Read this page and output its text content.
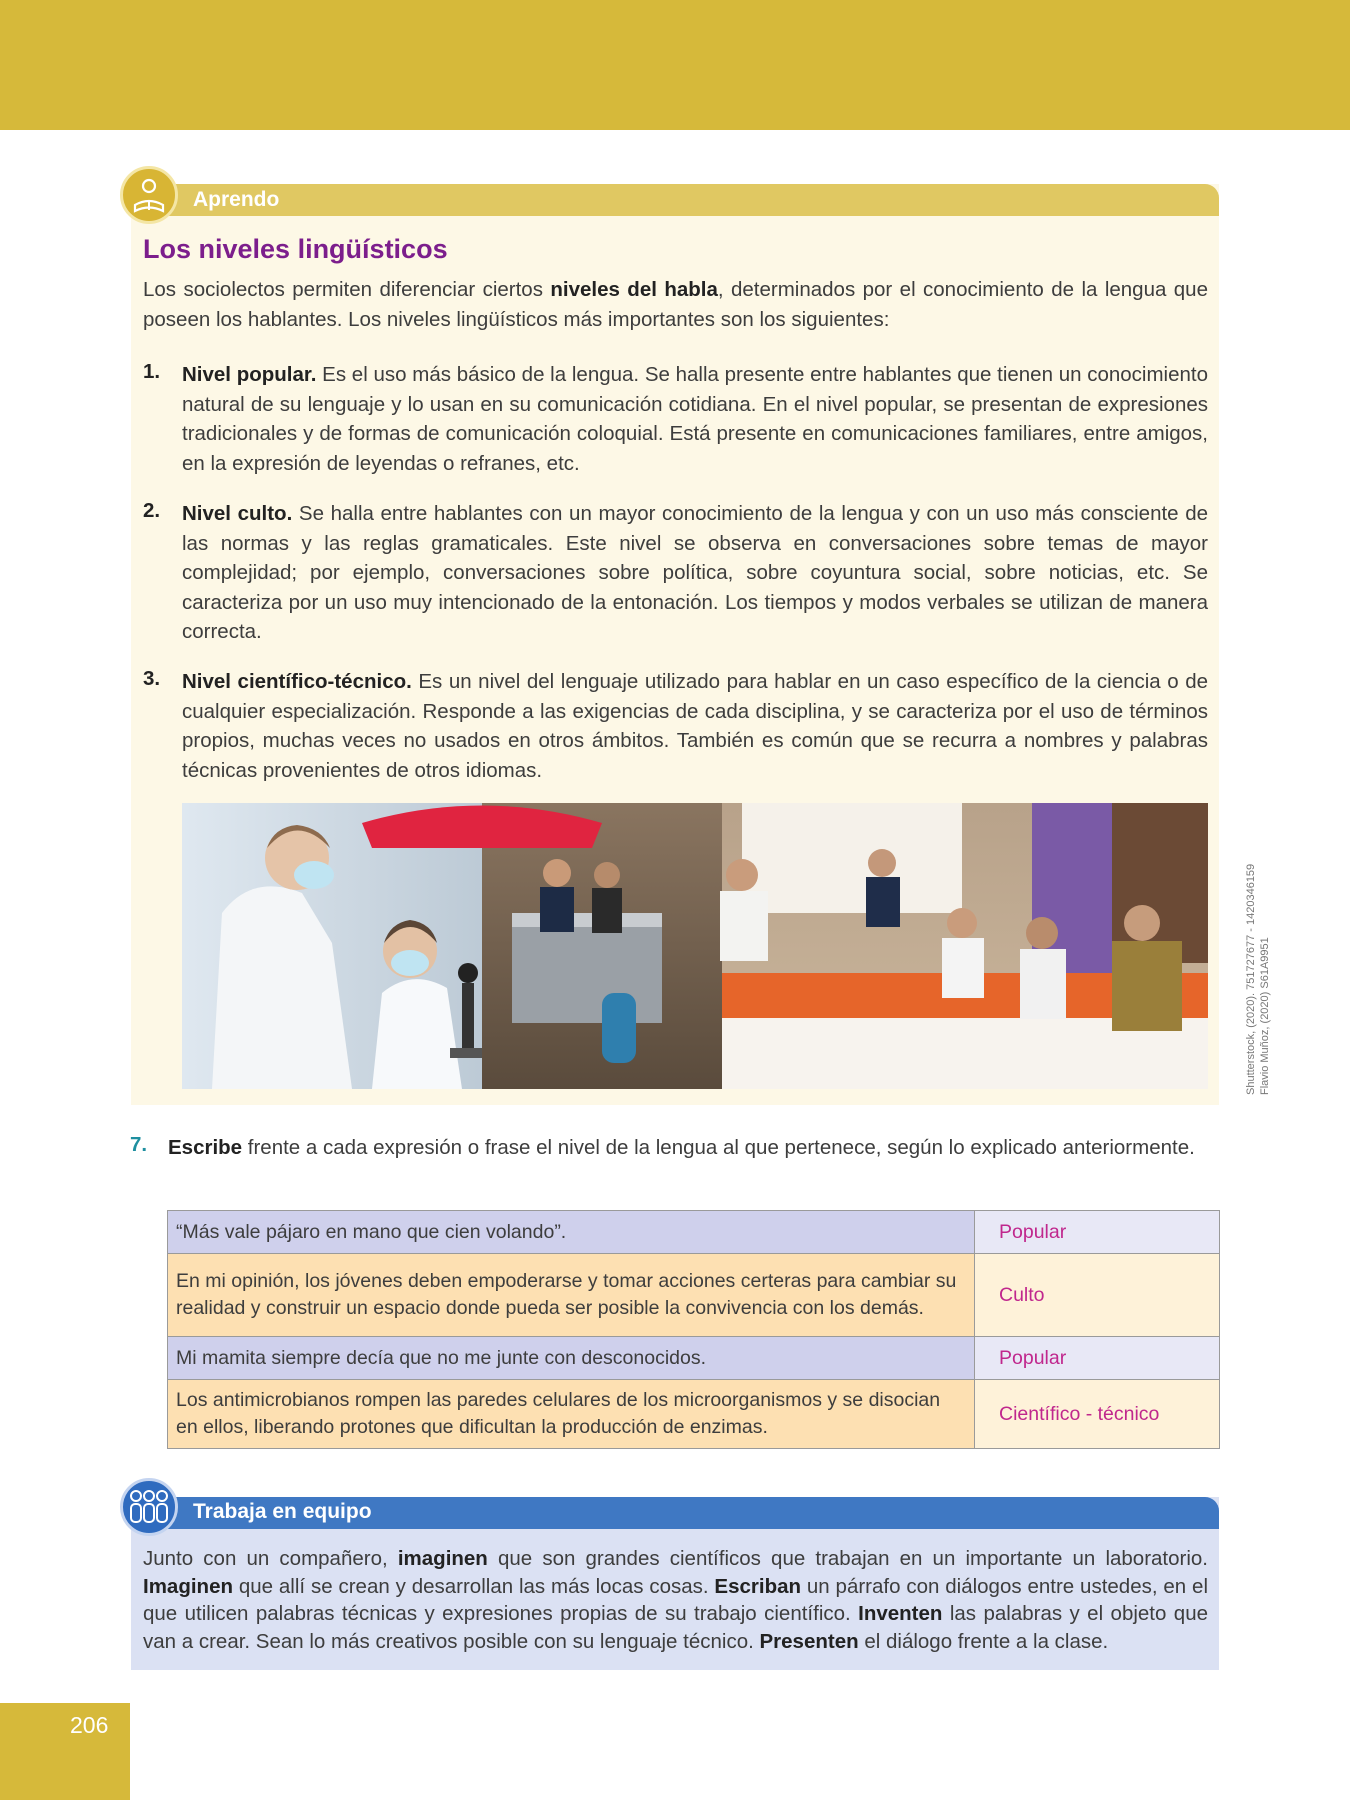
Aprendo
Los niveles lingüísticos
Los sociolectos permiten diferenciar ciertos niveles del habla, determinados por el conocimiento de la lengua que poseen los hablantes. Los niveles lingüísticos más importantes son los siguientes:
1. Nivel popular. Es el uso más básico de la lengua. Se halla presente entre hablantes que tienen un conocimiento natural de su lenguaje y lo usan en su comunicación cotidiana. En el nivel popular, se presentan de expresiones tradicionales y de formas de comunicación coloquial. Está presente en comunicaciones familiares, entre amigos, en la expresión de leyendas o refranes, etc.
2. Nivel culto. Se halla entre hablantes con un mayor conocimiento de la lengua y con un uso más consciente de las normas y las reglas gramaticales. Este nivel se observa en conversaciones sobre temas de mayor complejidad; por ejemplo, conversaciones sobre política, sobre coyuntura social, sobre noticias, etc. Se caracteriza por un uso muy intencionado de la entonación. Los tiempos y modos verbales se utilizan de manera correcta.
3. Nivel científico-técnico. Es un nivel del lenguaje utilizado para hablar en un caso específico de la ciencia o de cualquier especialización. Responde a las exigencias de cada disciplina, y se caracteriza por el uso de términos propios, muchas veces no usados en otros ámbitos. También es común que se recurra a nombres y palabras técnicas provenientes de otros idiomas.
Shutterstock, (2020). 751727677 - 1420346159 Flavio Muñoz, (2020) S61A9951
7. Escribe frente a cada expresión o frase el nivel de la lengua al que pertenece, según lo explicado anteriormente.
“Más vale pájaro en mano que cien volando”.	Popular
En mi opinión, los jóvenes deben empoderarse y tomar acciones certeras para cambiar su realidad y construir un espacio donde pueda ser posible la convivencia con los demás.	Culto
Mi mamita siempre decía que no me junte con desconocidos.	Popular
Los antimicrobianos rompen las paredes celulares de los microorganismos y se disocian en ellos, liberando protones que dificultan la producción de enzimas.	Científico - técnico
Trabaja en equipo
Junto con un compañero, imaginen que son grandes científicos que trabajan en un importante un laboratorio. Imaginen que allí se crean y desarrollan las más locas cosas. Escriban un párrafo con diálogos entre ustedes, en el que utilicen palabras técnicas y expresiones propias de su trabajo científico. Inventen las palabras y el objeto que van a crear. Sean lo más creativos posible con su lenguaje técnico. Presenten el diálogo frente a la clase.
206
